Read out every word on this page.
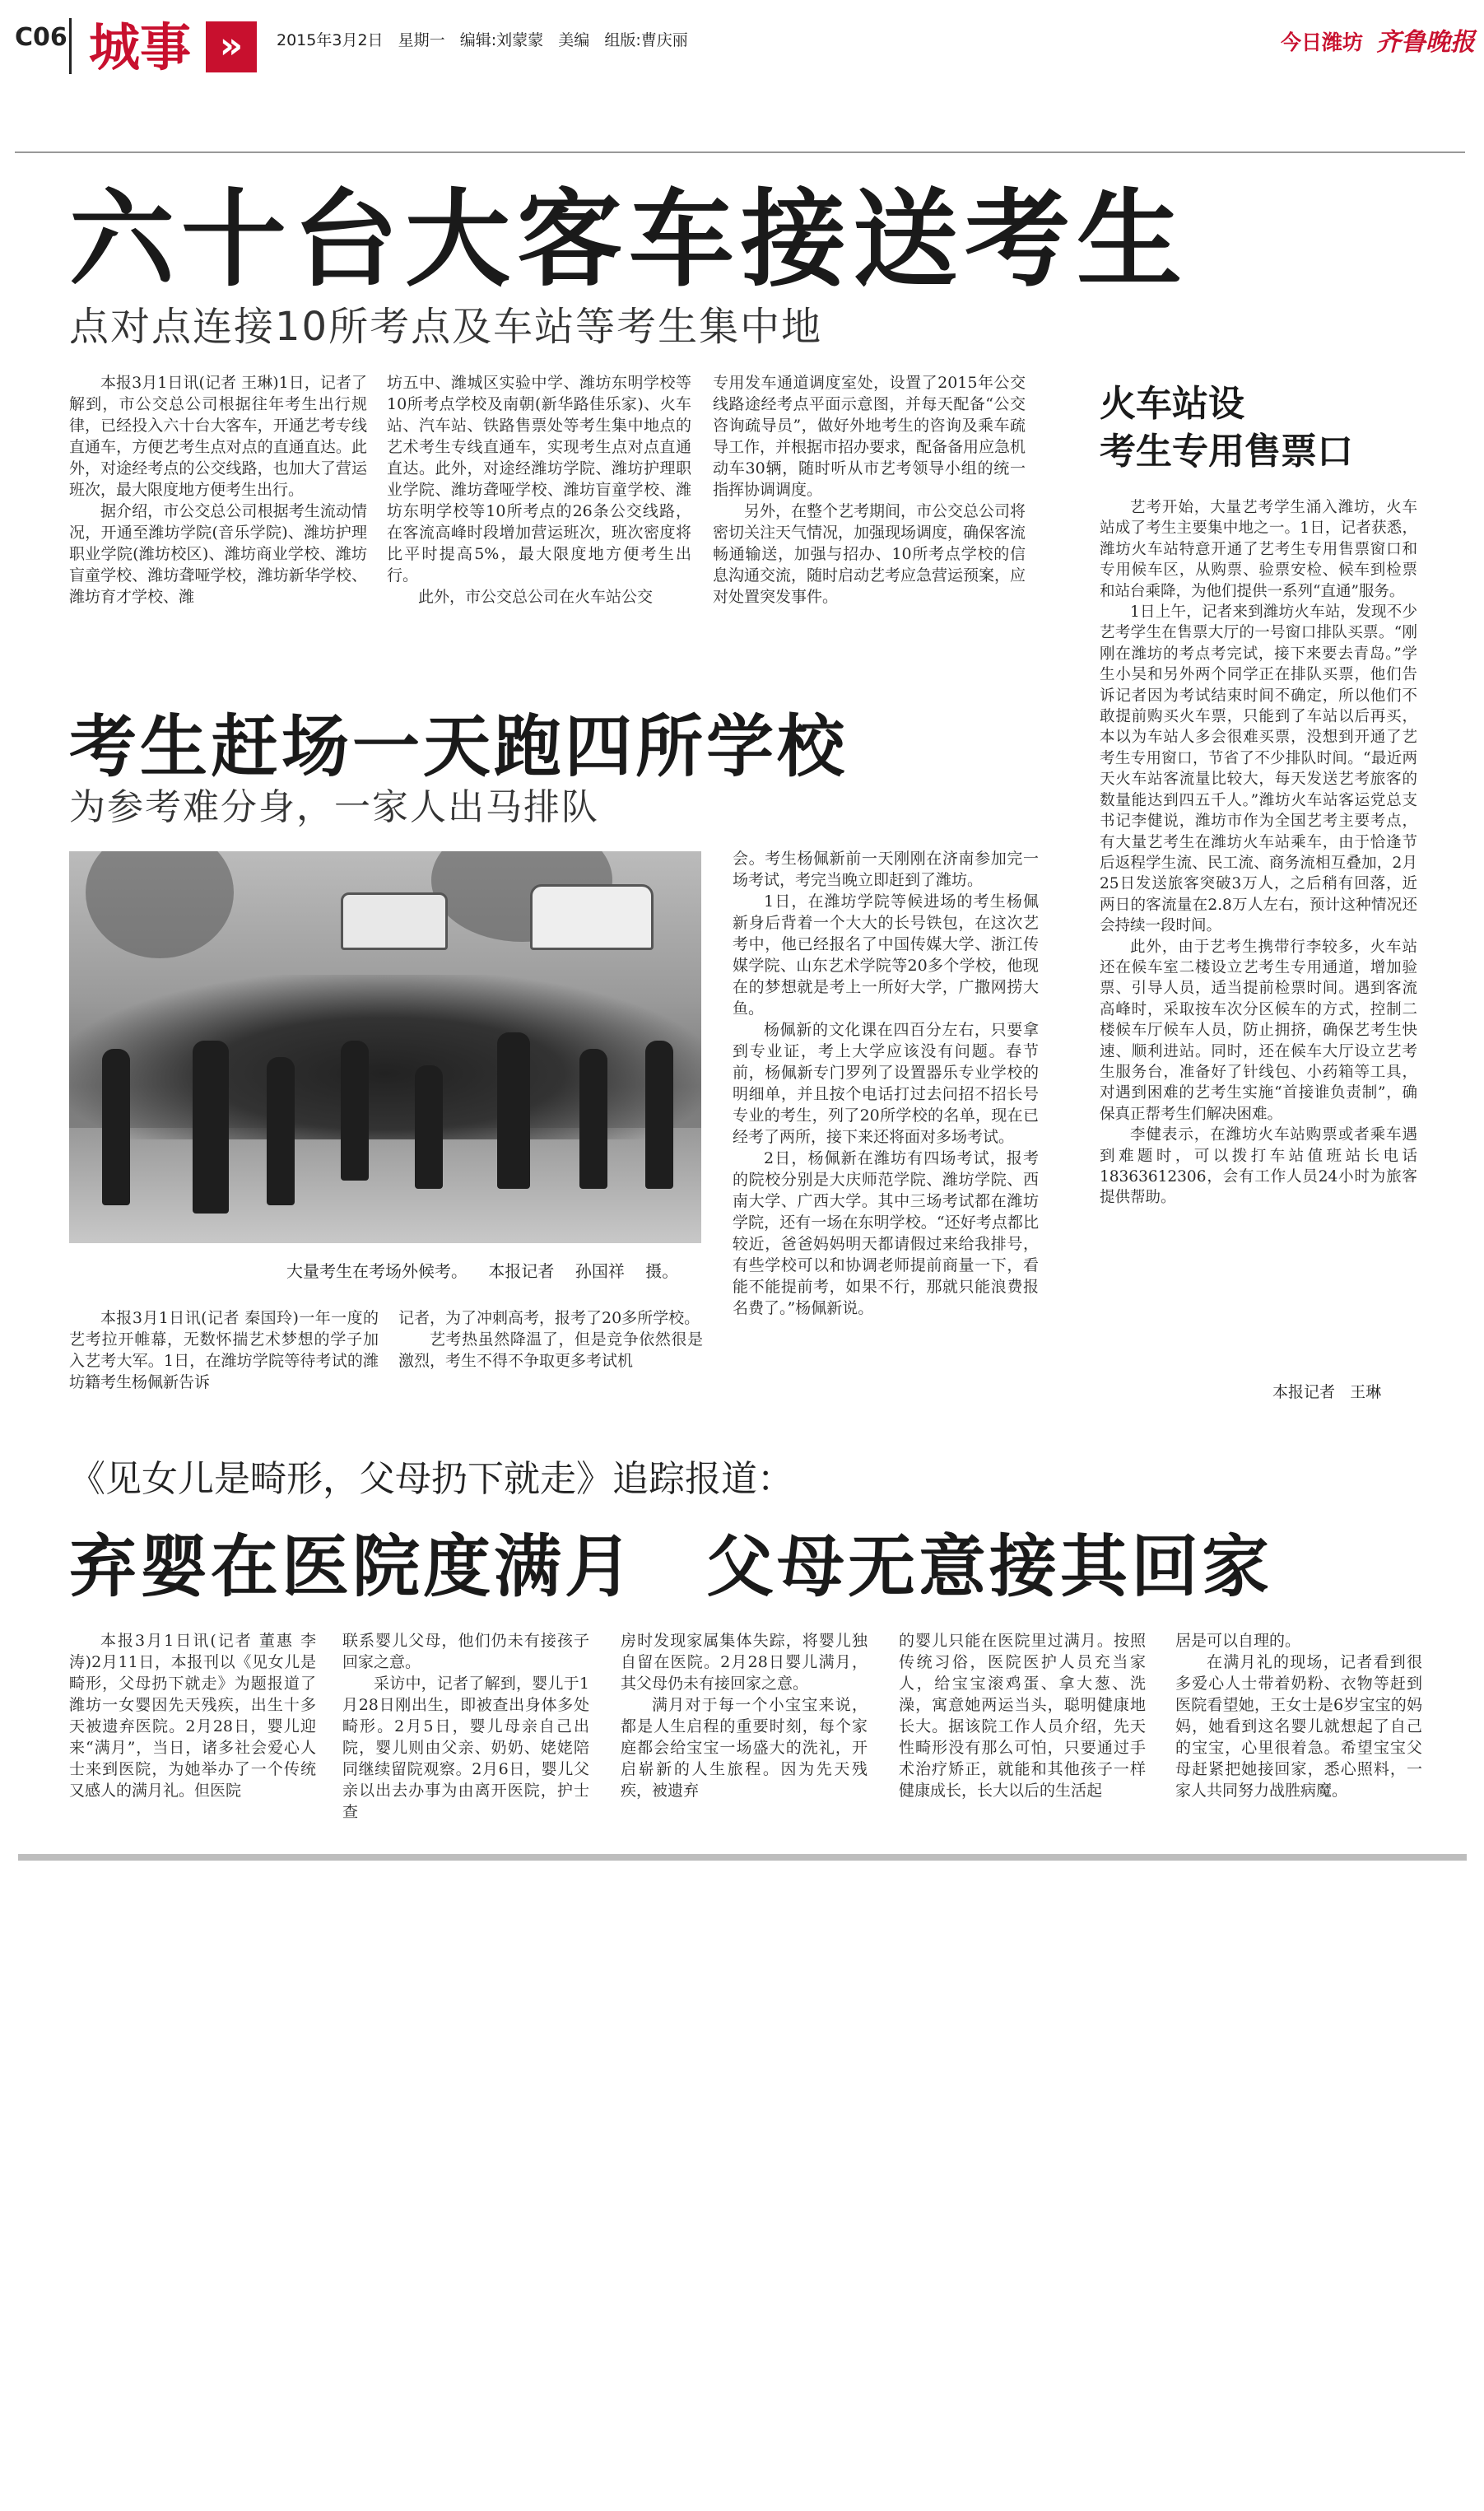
C06 城事 »	2015年3月2日   星期一   编辑:刘蒙蒙   美编   组版:曹庆丽	今日潍坊 齐鲁晚报
六十台大客车接送考生
点对点连接10所考点及车站等考生集中地

本报3月1日讯(记者 王琳)1日，记者了解到，市公交总公司根据往年考生出行规律，已经投入六十台大客车，开通艺考专线直通车，方便艺考生点对点的直通直达。此外，对途经考点的公交线路，也加大了营运班次，最大限度地方便考生出行。

据介绍，市公交总公司根据考生流动情况，开通至潍坊学院(音乐学院)、潍坊护理职业学院(潍坊校区)、潍坊商业学校、潍坊盲童学校、潍坊聋哑学校，潍坊新华学校、潍坊育才学校、潍

坊五中、潍城区实验中学、潍坊东明学校等10所考点学校及南朝(新华路佳乐家)、火车站、汽车站、铁路售票处等考生集中地点的艺术考生专线直通车，实现考生点对点直通直达。此外，对途经潍坊学院、潍坊护理职业学院、潍坊聋哑学校、潍坊盲童学校、潍坊东明学校等10所考点的26条公交线路，在客流高峰时段增加营运班次，班次密度将比平时提高5%，最大限度地方便考生出行。

此外，市公交总公司在火车站公交

专用发车通道调度室处，设置了2015年公交线路途经考点平面示意图，并每天配备“公交咨询疏导员”，做好外地考生的咨询及乘车疏导工作，并根据市招办要求，配备备用应急机动车30辆，随时听从市艺考领导小组的统一指挥协调调度。

另外，在整个艺考期间，市公交总公司将密切关注天气情况，加强现场调度，确保客流畅通输送，加强与招办、10所考点学校的信息沟通交流，随时启动艺考应急营运预案，应对处置突发事件。

火车站设
考生专用售票口

艺考开始，大量艺考学生涌入潍坊，火车站成了考生主要集中地之一。1日，记者获悉，潍坊火车站特意开通了艺考生专用售票窗口和专用候车区，从购票、验票安检、候车到检票和站台乘降，为他们提供一系列“直通”服务。

1日上午，记者来到潍坊火车站，发现不少艺考学生在售票大厅的一号窗口排队买票。“刚刚在潍坊的考点考完试，接下来要去青岛。”学生小吴和另外两个同学正在排队买票，他们告诉记者因为考试结束时间不确定，所以他们不敢提前购买火车票，只能到了车站以后再买，本以为车站人多会很难买票，没想到开通了艺考生专用窗口，节省了不少排队时间。“最近两天火车站客流量比较大，每天发送艺考旅客的数量能达到四五千人。”潍坊火车站客运党总支书记李健说，潍坊市作为全国艺考主要考点，有大量艺考生在潍坊火车站乘车，由于恰逢节后返程学生流、民工流、商务流相互叠加，2月25日发送旅客突破3万人，之后稍有回落，近两日的客流量在2.8万人左右，预计这种情况还会持续一段时间。

此外，由于艺考生携带行李较多，火车站还在候车室二楼设立艺考生专用通道，增加验票、引导人员，适当提前检票时间。遇到客流高峰时，采取按车次分区候车的方式，控制二楼候车厅候车人员，防止拥挤，确保艺考生快速、顺利进站。同时，还在候车大厅设立艺考生服务台，准备好了针线包、小药箱等工具，对遇到困难的艺考生实施“首接谁负责制”，确保真正帮考生们解决困难。

李健表示，在潍坊火车站购票或者乘车遇到难题时，可以拨打车站值班站长电话18363612306，会有工作人员24小时为旅客提供帮助。

本报记者   王琳
考生赶场一天跑四所学校
为参考难分身，一家人出马排队
大量考生在考场外候考。    本报记者    孙国祥    摄。

本报3月1日讯(记者 秦国玲)一年一度的艺考拉开帷幕，无数怀揣艺术梦想的学子加入艺考大军。1日，在潍坊学院等待考试的潍坊籍考生杨佩新告诉

记者，为了冲刺高考，报考了20多所学校。

艺考热虽然降温了，但是竞争依然很是激烈，考生不得不争取更多考试机

会。考生杨佩新前一天刚刚在济南参加完一场考试，考完当晚立即赶到了潍坊。

1日，在潍坊学院等候进场的考生杨佩新身后背着一个大大的长号铁包，在这次艺考中，他已经报名了中国传媒大学、浙江传媒学院、山东艺术学院等20多个学校，他现在的梦想就是考上一所好大学，广撒网捞大鱼。

杨佩新的文化课在四百分左右，只要拿到专业证，考上大学应该没有问题。春节前，杨佩新专门罗列了设置器乐专业学校的明细单，并且按个电话打过去问招不招长号专业的考生，列了20所学校的名单，现在已经考了两所，接下来还将面对多场考试。

2日，杨佩新在潍坊有四场考试，报考的院校分别是大庆师范学院、潍坊学院、西南大学、广西大学。其中三场考试都在潍坊学院，还有一场在东明学校。“还好考点都比较近，爸爸妈妈明天都请假过来给我排号，有些学校可以和协调老师提前商量一下，看能不能提前考，如果不行，那就只能浪费报名费了。”杨佩新说。

《见女儿是畸形，父母扔下就走》追踪报道：
弃婴在医院度满月　父母无意接其回家

本报3月1日讯(记者 董惠 李涛)2月11日，本报刊以《见女儿是畸形，父母扔下就走》为题报道了潍坊一女婴因先天残疾，出生十多天被遗弃医院。2月28日，婴儿迎来“满月”，当日，诸多社会爱心人士来到医院，为她举办了一个传统又感人的满月礼。但医院

联系婴儿父母，他们仍未有接孩子回家之意。

采访中，记者了解到，婴儿于1月28日刚出生，即被查出身体多处畸形。2月5日，婴儿母亲自己出院，婴儿则由父亲、奶奶、姥姥陪同继续留院观察。2月6日，婴儿父亲以出去办事为由离开医院，护士查

房时发现家属集体失踪，将婴儿独自留在医院。2月28日婴儿满月，其父母仍未有接回家之意。

满月对于每一个小宝宝来说，都是人生启程的重要时刻，每个家庭都会给宝宝一场盛大的洗礼，开启崭新的人生旅程。因为先天残疾，被遗弃

的婴儿只能在医院里过满月。按照传统习俗，医院医护人员充当家人，给宝宝滚鸡蛋、拿大葱、洗澡，寓意她两运当头，聪明健康地长大。据该院工作人员介绍，先天性畸形没有那么可怕，只要通过手术治疗矫正，就能和其他孩子一样健康成长，长大以后的生活起

居是可以自理的。

在满月礼的现场，记者看到很多爱心人士带着奶粉、衣物等赶到医院看望她，王女士是6岁宝宝的妈妈，她看到这名婴儿就想起了自己的宝宝，心里很着急。希望宝宝父母赶紧把她接回家，悉心照料，一家人共同努力战胜病魔。
